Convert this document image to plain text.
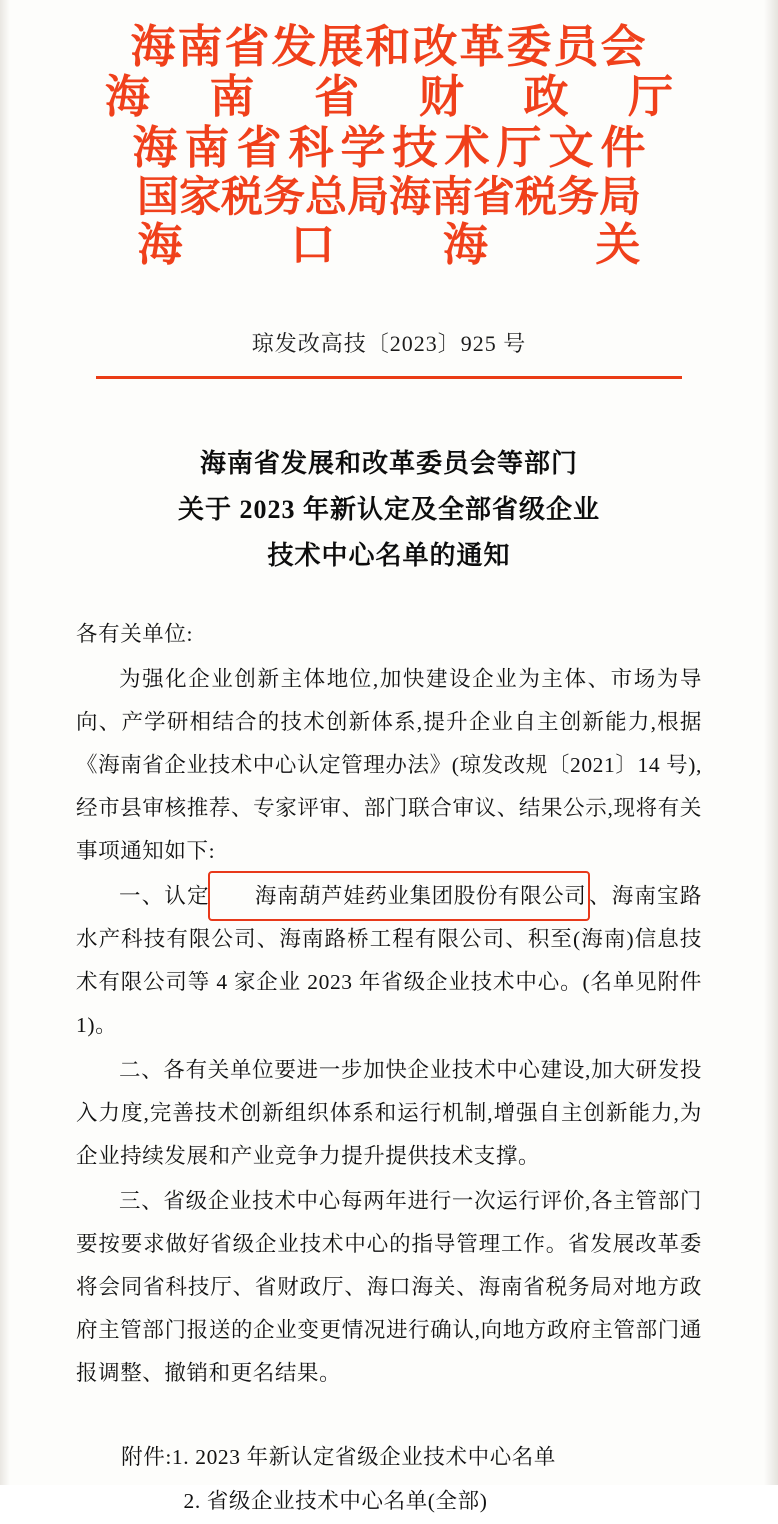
海南省发展和改革委员会
海 南 省 财 政 厅
海南省科学技术厅文件
国家税务总局海南省税务局
海 口 海 关
琼发改高技〔2023〕925 号
海南省发展和改革委员会等部门
关于 2023 年新认定及全部省级企业
技术中心名单的通知

各有关单位:

为强化企业创新主体地位,加快建设企业为主体、市场为导向、产学研相结合的技术创新体系,提升企业自主创新能力,根据《海南省企业技术中心认定管理办法》(琼发改规〔2021〕14 号),经市县审核推荐、专家评审、部门联合审议、结果公示,现将有关事项通知如下:

一、认定 海南葫芦娃药业集团股份有限公司
、海南宝路水产科技有限公司、海南路桥工程有限公司、积至(海南)信息技术有限公司等 4 家企业 2023 年省级企业技术中心。(名单见附件 1)。

二、各有关单位要进一步加快企业技术中心建设,加大研发投入力度,完善技术创新组织体系和运行机制,增强自主创新能力,为企业持续发展和产业竞争力提升提供技术支撑。

三、省级企业技术中心每两年进行一次运行评价,各主管部门要按要求做好省级企业技术中心的指导管理工作。省发展改革委将会同省科技厅、省财政厅、海口海关、海南省税务局对地方政府主管部门报送的企业变更情况进行确认,向地方政府主管部门通报调整、撤销和更名结果。

附件:1. 2023 年新认定省级企业技术中心名单
2. 省级企业技术中心名单(全部)
